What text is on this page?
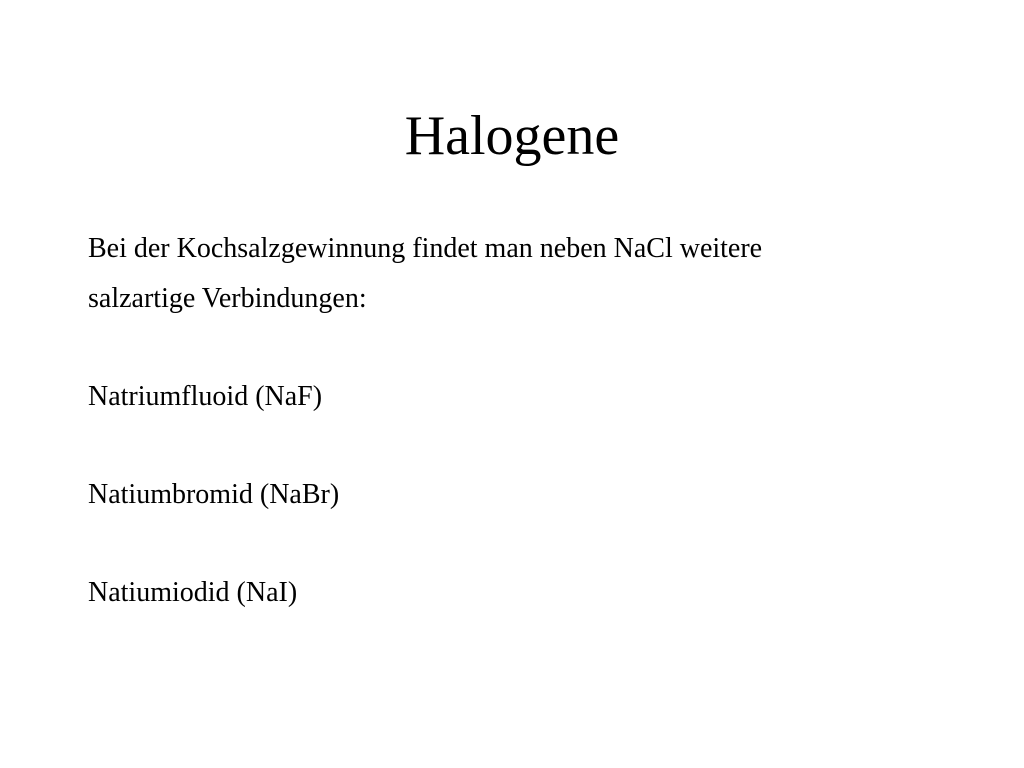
Halogene

Bei der Kochsalzgewinnung findet man neben NaCl weitere
salzartige Verbindungen:

Natriumfluoid (NaF)

Natiumbromid (NaBr)

Natiumiodid (NaI)
